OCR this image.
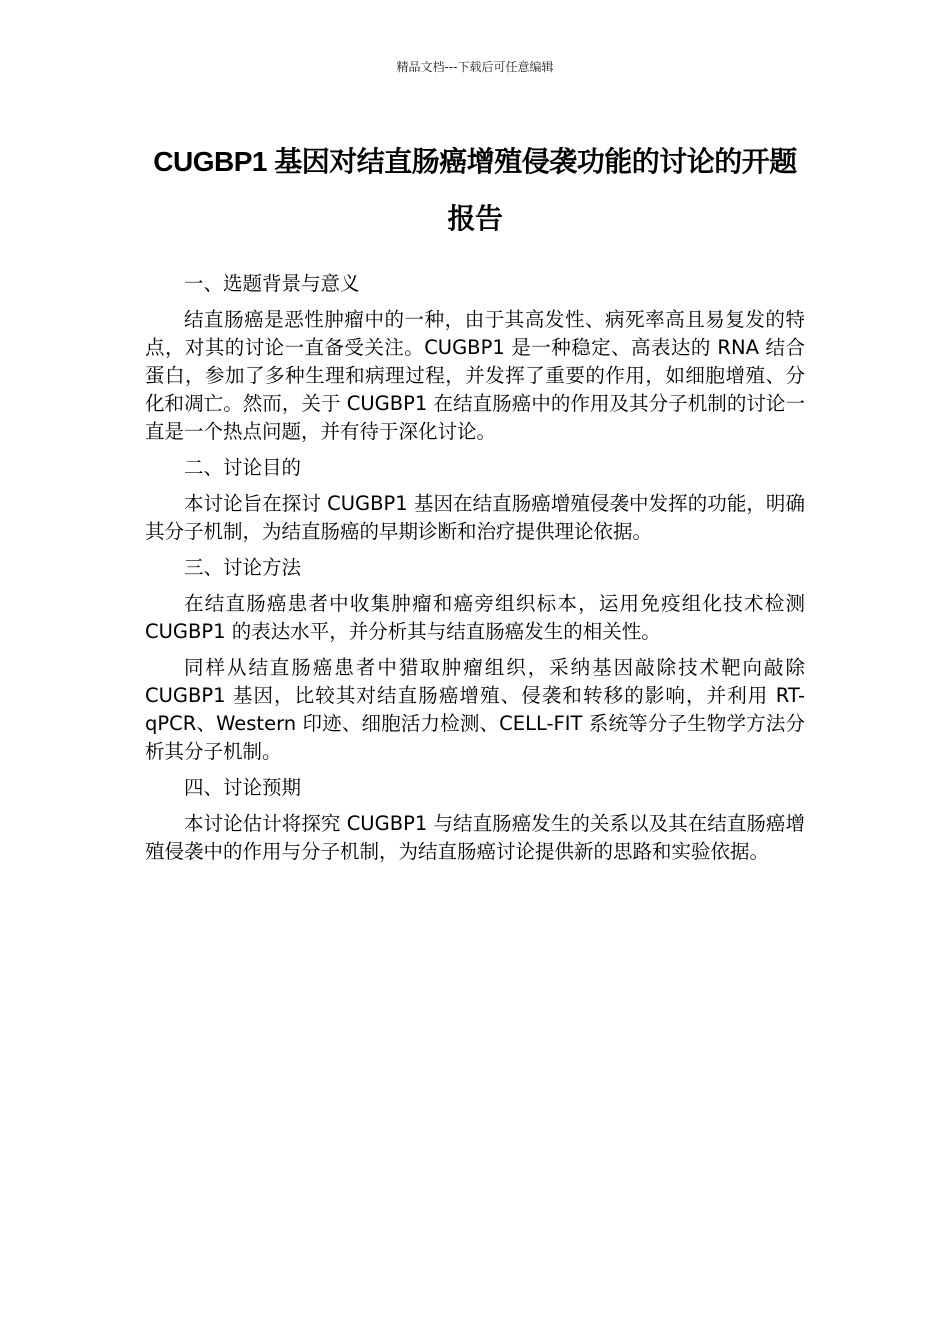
精品文档---下载后可任意编辑
CUGBP1 基因对结直肠癌增殖侵袭功能的讨论的开题报告
一、选题背景与意义

结直肠癌是恶性肿瘤中的一种，由于其高发性、病死率高且易复发的特点，对其的讨论一直备受关注。CUGBP1 是一种稳定、高表达的 RNA 结合蛋白，参加了多种生理和病理过程，并发挥了重要的作用，如细胞增殖、分化和凋亡。然而，关于 CUGBP1 在结直肠癌中的作用及其分子机制的讨论一直是一个热点问题，并有待于深化讨论。

二、讨论目的

本讨论旨在探讨 CUGBP1 基因在结直肠癌增殖侵袭中发挥的功能，明确其分子机制，为结直肠癌的早期诊断和治疗提供理论依据。

三、讨论方法

在结直肠癌患者中收集肿瘤和癌旁组织标本，运用免疫组化技术检测 CUGBP1 的表达水平，并分析其与结直肠癌发生的相关性。

同样从结直肠癌患者中猎取肿瘤组织，采纳基因敲除技术靶向敲除 CUGBP1 基因，比较其对结直肠癌增殖、侵袭和转移的影响，并利用 RT-qPCR、Western 印迹、细胞活力检测、CELL-FIT 系统等分子生物学方法分析其分子机制。

四、讨论预期

本讨论估计将探究 CUGBP1 与结直肠癌发生的关系以及其在结直肠癌增殖侵袭中的作用与分子机制，为结直肠癌讨论提供新的思路和实验依据。
